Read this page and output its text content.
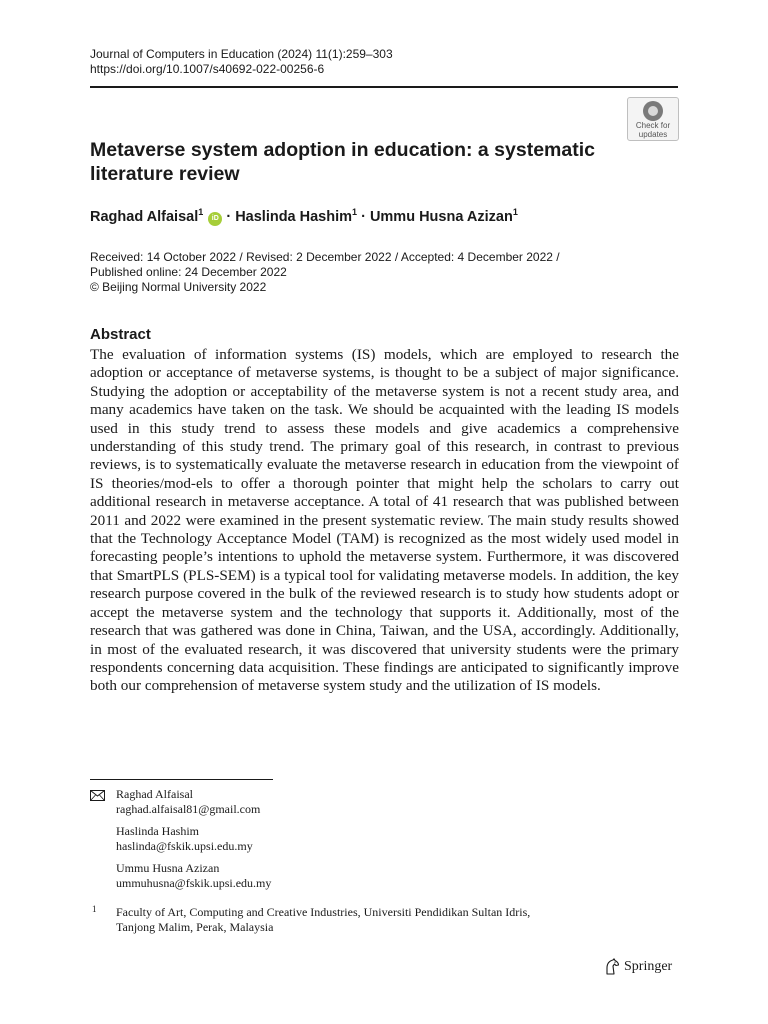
Journal of Computers in Education (2024) 11(1):259–303
https://doi.org/10.1007/s40692-022-00256-6
Check for
updates
Metaverse system adoption in education: a systematic literature review
Raghad Alfaisal$^1$ iD · Haslinda Hashim$^1$ · Ummu Husna Azizan$^1$
Received: 14 October 2022 / Revised: 2 December 2022 / Accepted: 4 December 2022 /
Published online: 24 December 2022
© Beijing Normal University 2022
Abstract

The evaluation of information systems (IS) models, which are employed to research the adoption or acceptance of metaverse systems, is thought to be a subject of major significance. Studying the adoption or acceptability of the metaverse system is not a recent study area, and many academics have taken on the task. We should be acquainted with the leading IS models used in this study trend to assess these models and give academics a comprehensive understanding of this study trend. The primary goal of this research, in contrast to previous reviews, is to systematically evaluate the metaverse research in education from the viewpoint of IS theories/mod-els to offer a thorough pointer that might help the scholars to carry out additional research in metaverse acceptance. A total of 41 research that was published between 2011 and 2022 were examined in the present systematic review. The main study results showed that the Technology Acceptance Model (TAM) is recognized as the most widely used model in forecasting people’s intentions to uphold the metaverse system. Furthermore, it was discovered that SmartPLS (PLS-SEM) is a typical tool for validating metaverse models. In addition, the key research purpose covered in the bulk of the reviewed research is to study how students adopt or accept the metaverse system and the technology that supports it. Additionally, most of the research that was gathered was done in China, Taiwan, and the USA, accordingly. Additionally, in most of the evaluated research, it was discovered that university students were the primary respondents concerning data acquisition. These findings are anticipated to significantly improve both our comprehension of metaverse system study and the utilization of IS models.

Raghad Alfaisal
raghad.alfaisal81@gmail.com
Haslinda Hashim
haslinda@fskik.upsi.edu.my
Ummu Husna Azizan
ummuhusna@fskik.upsi.edu.my
1 Faculty of Art, Computing and Creative Industries, Universiti Pendidikan Sultan Idris,
Tanjong Malim, Perak, Malaysia
Springer
